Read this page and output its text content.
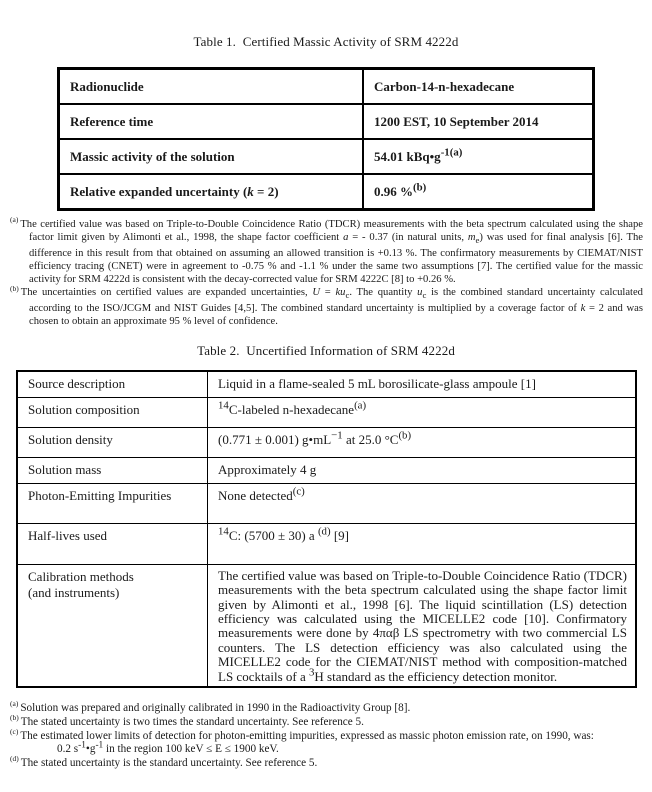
Table 1.  Certified Massic Activity of SRM 4222d
Radionuclide	Carbon-14-n-hexadecane
Reference time	1200 EST, 10 September 2014
Massic activity of the solution	54.01 $kBq•g^{-1(a)}$
Relative expanded uncertainty (k = 2)	0.96 %$^{(b)}$
$^{(a)}$ The certified value was based on Triple-to-Double Coincidence Ratio (TDCR) measurements with the beta spectrum calculated using the shape factor limit given by Alimonti et al., 1998, the shape factor coefficient a = - 0.37 (in natural units, $m_e$) was used for final analysis [6]. The difference in this result from that obtained on assuming an allowed transition is +0.13 %. The confirmatory measurements by CIEMAT/NIST efficiency tracing (CNET) were in agreement to -0.75 % and -1.1 % under the same two assumptions [7]. The certified value for the massic activity for SRM 4222d is consistent with the decay-corrected value for SRM 4222C [8] to +0.26 %.
$^{(b)}$ The uncertainties on certified values are expanded uncertainties, $U = ku_c$. The quantity $u_c$ is the combined standard uncertainty calculated according to the ISO/JCGM and NIST Guides [4,5]. The combined standard uncertainty is multiplied by a coverage factor of k = 2 and was chosen to obtain an approximate 95 % level of confidence.
Table 2.  Uncertified Information of SRM 4222d
Source description	Liquid in a flame-sealed 5 mL borosilicate-glass ampoule [1]
Solution composition	$^{14}$C-labeled n-hexadecane$^{(a)}$
Solution density	(0.771 ± 0.001) $g•mL^{-1}$ at 25.0 $^\circ C^{(b)}$
Solution mass	Approximately 4 g
Photon-Emitting Impurities	None detected$^{(c)}$
Half-lives used	$^{14}$C: (5700 ± 30) a $^{(d)}$ [9]
Calibration methods
(and instruments)	The certified value was based on Triple-to-Double Coincidence Ratio (TDCR) measurements with the beta spectrum calculated using the shape factor limit given by Alimonti et al., 1998 [6]. The liquid scintillation (LS) detection efficiency was calculated using the MICELLE2 code [10]. Confirmatory measurements were done by 4παβ LS spectrometry with two commercial LS counters. The LS detection efficiency was also calculated using the MICELLE2 code for the CIEMAT/NIST method with composition-matched LS cocktails of a $^3$H standard as the efficiency detection monitor.
$^{(a)}$ Solution was prepared and originally calibrated in 1990 in the Radioactivity Group [8].
$^{(b)}$ The stated uncertainty is two times the standard uncertainty. See reference 5.
$^{(c)}$ The estimated lower limits of detection for photon-emitting impurities, expressed as massic photon emission rate, on 1990, was:
0.2 $s^{-1}•g^{-1}$ in the region 100 keV ≤ E ≤ 1900 keV.
$^{(d)}$ The stated uncertainty is the standard uncertainty. See reference 5.
